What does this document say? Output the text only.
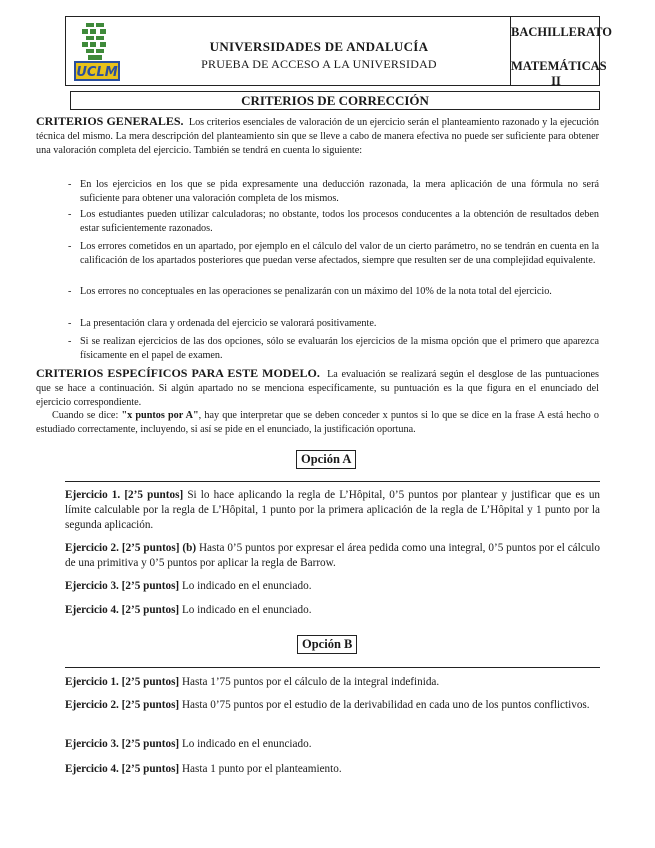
UCLM
UNIVERSIDADES DE ANDALUCÍA
PRUEBA DE ACCESO A LA UNIVERSIDAD
BACHILLERATO
MATEMÁTICAS II
CRITERIOS DE CORRECCIÓN
CRITERIOS GENERALES. Los criterios esenciales de valoración de un ejercicio serán el planteamiento razonado y la ejecución técnica del mismo. La mera descripción del planteamiento sin que se lleve a cabo de manera efectiva no puede ser suficiente para obtener una valoración completa del ejercicio. También se tendrá en cuenta lo siguiente:
- En los ejercicios en los que se pida expresamente una deducción razonada, la mera aplicación de una fórmula no será suficiente para obtener una valoración completa de los mismos.
- Los estudiantes pueden utilizar calculadoras; no obstante, todos los procesos conducentes a la obtención de resultados deben estar suficientemente razonados.
- Los errores cometidos en un apartado, por ejemplo en el cálculo del valor de un cierto parámetro, no se tendrán en cuenta en la calificación de los apartados posteriores que puedan verse afectados, siempre que resulten ser de una complejidad equivalente.
- Los errores no conceptuales en las operaciones se penalizarán con un máximo del 10% de la nota total del ejercicio.
- La presentación clara y ordenada del ejercicio se valorará positivamente.
- Si se realizan ejercicios de las dos opciones, sólo se evaluarán los ejercicios de la misma opción que el primero que aparezca físicamente en el papel de examen.
CRITERIOS ESPECÍFICOS PARA ESTE MODELO. La evaluación se realizará según el desglose de las puntuaciones que se hace a continuación. Si algún apartado no se menciona específicamente, su puntuación es la que figura en el enunciado del ejercicio correspondiente.
Cuando se dice: "x puntos por A", hay que interpretar que se deben conceder x puntos si lo que se dice en la frase A está hecho o estudiado correctamente, incluyendo, si así se pide en el enunciado, la justificación oportuna.
Opción A
Ejercicio 1. [2’5 puntos] Si lo hace aplicando la regla de L’Hôpital, 0’5 puntos por plantear y justificar que es un límite calculable por la regla de L’Hôpital, 1 punto por la primera aplicación de la regla de L’Hôpital y 1 punto por la segunda aplicación.
Ejercicio 2. [2’5 puntos] (b) Hasta 0’5 puntos por expresar el área pedida como una integral, 0’5 puntos por el cálculo de una primitiva y 0’5 puntos por aplicar la regla de Barrow.
Ejercicio 3. [2’5 puntos] Lo indicado en el enunciado.
Ejercicio 4. [2’5 puntos] Lo indicado en el enunciado.
Opción B
Ejercicio 1. [2’5 puntos] Hasta 1’75 puntos por el cálculo de la integral indefinida.
Ejercicio 2. [2’5 puntos] Hasta 0’75 puntos por el estudio de la derivabilidad en cada uno de los puntos conflictivos.
Ejercicio 3. [2’5 puntos] Lo indicado en el enunciado.
Ejercicio 4. [2’5 puntos] Hasta 1 punto por el planteamiento.
